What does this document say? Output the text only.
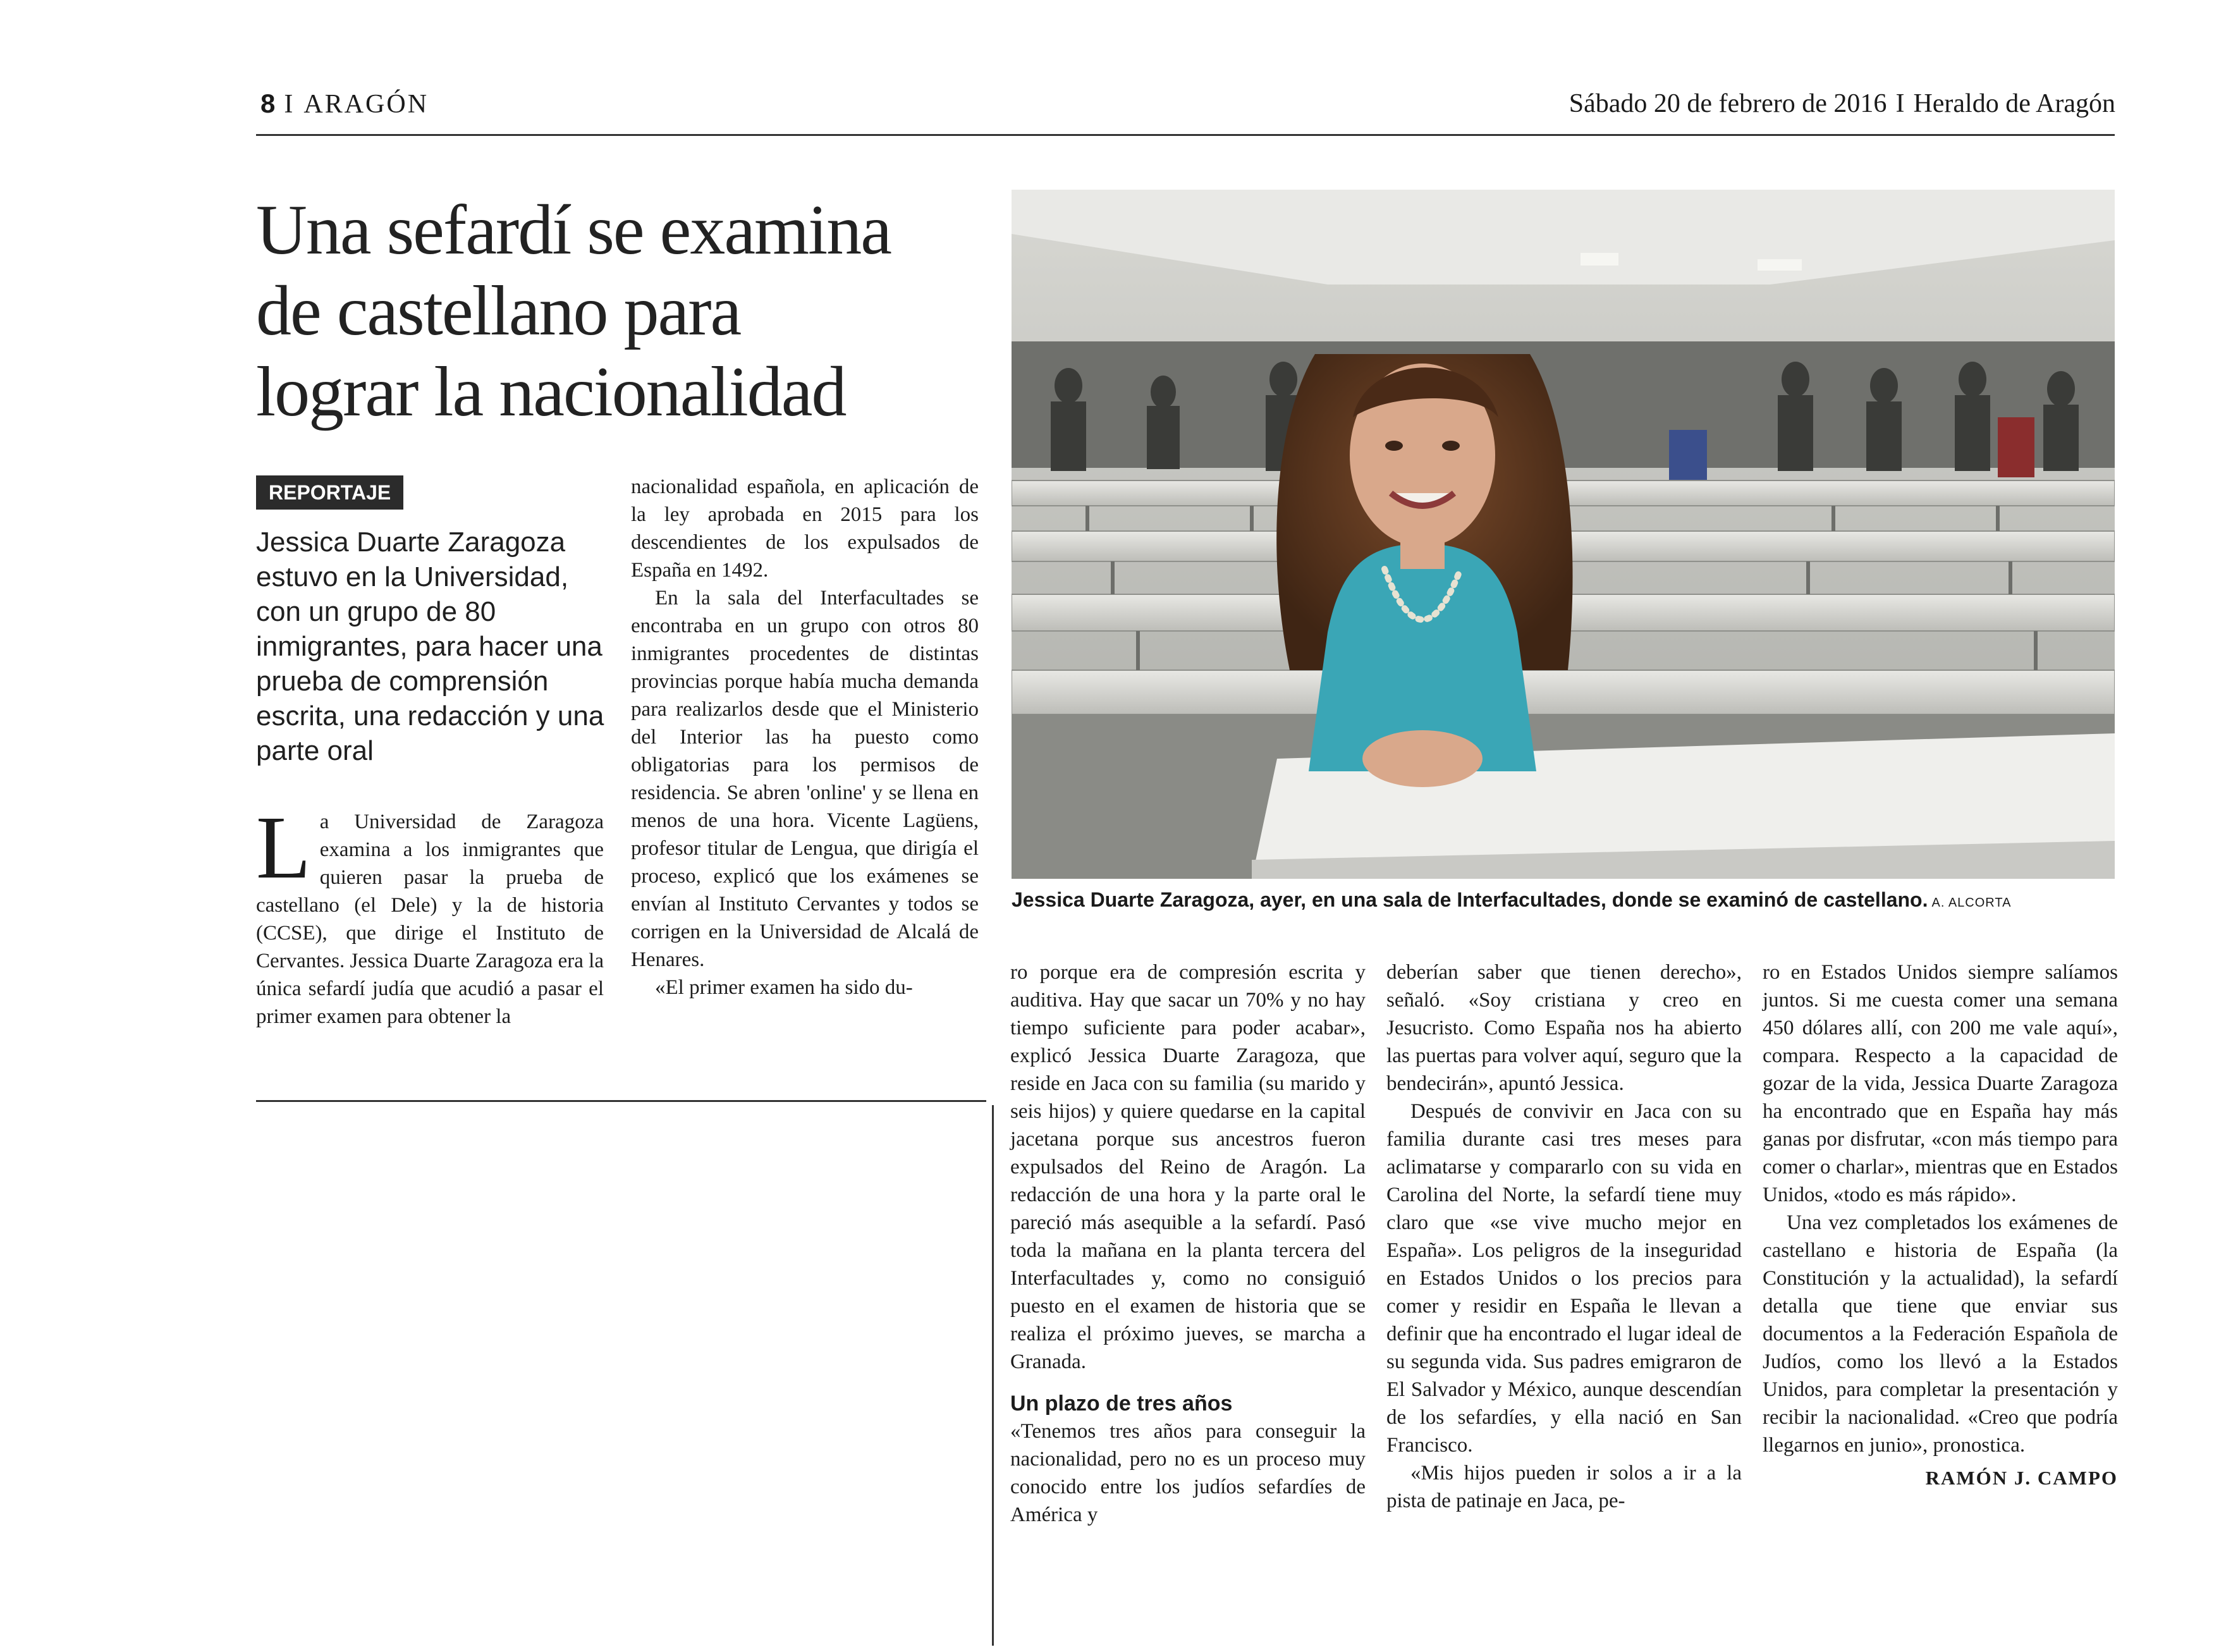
8 I ARAGÓN	Sábado 20 de febrero de 2016 I Heraldo de Aragón
Una sefardí se examina
de castellano para
lograr la nacionalidad
REPORTAJE

Jessica Duarte Zaragoza estuvo en la Universidad, con un grupo de 80 inmigrantes, para hacer una prueba de comprensión escrita, una redacción y una parte oral

La Universidad de Zaragoza examina a los inmigrantes que quieren pasar la prueba de castellano (el Dele) y la de historia (CCSE), que dirige el Instituto de Cervantes. Jessica Duarte Zaragoza era la única sefardí judía que acudió a pasar el primer examen para obtener la

nacionalidad española, en aplicación de la ley aprobada en 2015 para los descendientes de los expulsados de España en 1492.

En la sala del Interfacultades se encontraba en un grupo con otros 80 inmigrantes procedentes de distintas provincias porque había mucha demanda para realizarlos desde que el Ministerio del Interior las ha puesto como obligatorias para los permisos de residencia. Se abren 'online' y se llena en menos de una hora. Vicente Lagüens, profesor titular de Lengua, que dirigía el proceso, explicó que los exámenes se envían al Instituto Cervantes y todos se corrigen en la Universidad de Alcalá de Henares.

«El primer examen ha sido du-

Jessica Duarte Zaragoza, ayer, en una sala de Interfacultades, donde se examinó de castellano. A. ALCORTA

ro porque era de compresión escrita y auditiva. Hay que sacar un 70% y no hay tiempo suficiente para poder acabar», explicó Jessica Duarte Zaragoza, que reside en Jaca con su familia (su marido y seis hijos) y quiere quedarse en la capital jacetana porque sus ancestros fueron expulsados del Reino de Aragón. La redacción de una hora y la parte oral le pareció más asequible a la sefardí. Pasó toda la mañana en la planta tercera del Interfacultades y, como no consiguió puesto en el examen de historia que se realiza el próximo jueves, se marcha a Granada.

Un plazo de tres años

«Tenemos tres años para conseguir la nacionalidad, pero no es un proceso muy conocido entre los judíos sefardíes de América y

deberían saber que tienen derecho», señaló. «Soy cristiana y creo en Jesucristo. Como España nos ha abierto las puertas para volver aquí, seguro que la bendecirán», apuntó Jessica.

Después de convivir en Jaca con su familia durante casi tres meses para aclimatarse y compararlo con su vida en Carolina del Norte, la sefardí tiene muy claro que «se vive mucho mejor en España». Los peligros de la inseguridad en Estados Unidos o los precios para comer y residir en España le llevan a definir que ha encontrado el lugar ideal de su segunda vida. Sus padres emigraron de El Salvador y México, aunque descendían de los sefardíes, y ella nació en San Francisco.

«Mis hijos pueden ir solos a ir a la pista de patinaje en Jaca, pe-

ro en Estados Unidos siempre salíamos juntos. Si me cuesta comer una semana 450 dólares allí, con 200 me vale aquí», compara. Respecto a la capacidad de gozar de la vida, Jessica Duarte Zaragoza ha encontrado que en España hay más ganas por disfrutar, «con más tiempo para comer o charlar», mientras que en Estados Unidos, «todo es más rápido».

Una vez completados los exámenes de castellano e historia de España (la Constitución y la actualidad), la sefardí detalla que tiene que enviar sus documentos a la Federación Española de Judíos, como los llevó a la Estados Unidos, para completar la presentación y recibir la nacionalidad. «Creo que podría llegarnos en junio», pronostica.

RAMÓN J. CAMPO
